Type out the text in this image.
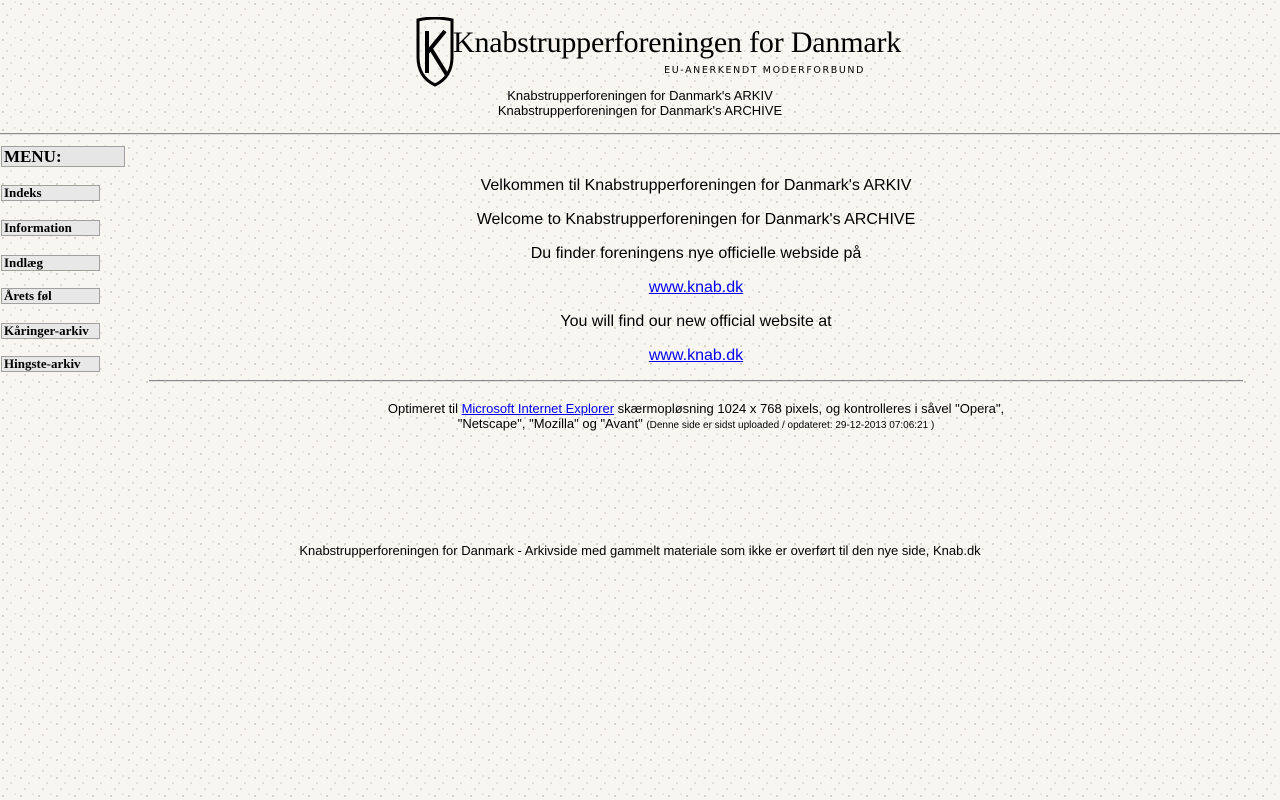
Knabstrupperforeningen for Danmark
EU-ANERKENDT MODERFORBUND
Knabstrupperforeningen for Danmark's ARKIV
Knabstrupperforeningen for Danmark's ARCHIVE
MENU:
Indeks
Information
Indlæg
Årets føl
Kåringer-arkiv
Hingste-arkiv

Velkommen til Knabstrupperforeningen for Danmark's ARKIV

Welcome to Knabstrupperforeningen for Danmark's ARCHIVE

Du finder foreningens nye officielle webside på

www.knab.dk

You will find our new official website at

www.knab.dk

Optimeret til Microsoft Internet Explorer skærmopløsning 1024 x 768 pixels, og kontrolleres i såvel "Opera", "Netscape", "Mozilla" og "Avant" (Denne side er sidst uploaded / opdateret: 29-12-2013 07:06:21 )
Knabstrupperforeningen for Danmark - Arkivside med gammelt materiale som ikke er overført til den nye side, Knab.dk
